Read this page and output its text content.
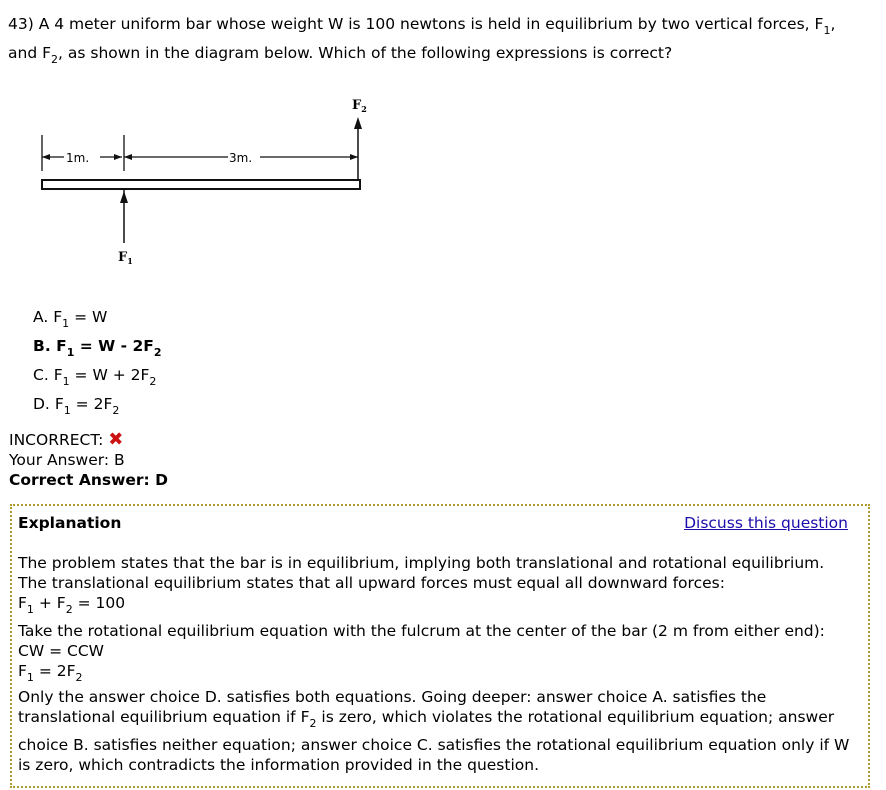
43) A 4 meter uniform bar whose weight W is 100 newtons is held in equilibrium by two vertical forces, $F_1$,
and $F_2$, as shown in the diagram below. Which of the following expressions is correct?
1m.	3m.
$F_2$
$F_1$
A. $F_1 = W$
B. $F_1 = W - 2F_2$
C. $F_1 = W + 2F_2$
D. $F_1 = 2F_2$
INCORRECT: ✖
Your Answer: B
Correct Answer: D
Explanation	Discuss this question
The problem states that the bar is in equilibrium, implying both translational and rotational equilibrium.
The translational equilibrium states that all upward forces must equal all downward forces:
$F_1 + F_2 = 100$
Take the rotational equilibrium equation with the fulcrum at the center of the bar (2 m from either end):
CW = CCW
$F_1 = 2F_2$
Only the answer choice D. satisfies both equations. Going deeper: answer choice A. satisfies the
translational equilibrium equation if $F_2$ is zero, which violates the rotational equilibrium equation; answer
choice B. satisfies neither equation; answer choice C. satisfies the rotational equilibrium equation only if W
is zero, which contradicts the information provided in the question.
